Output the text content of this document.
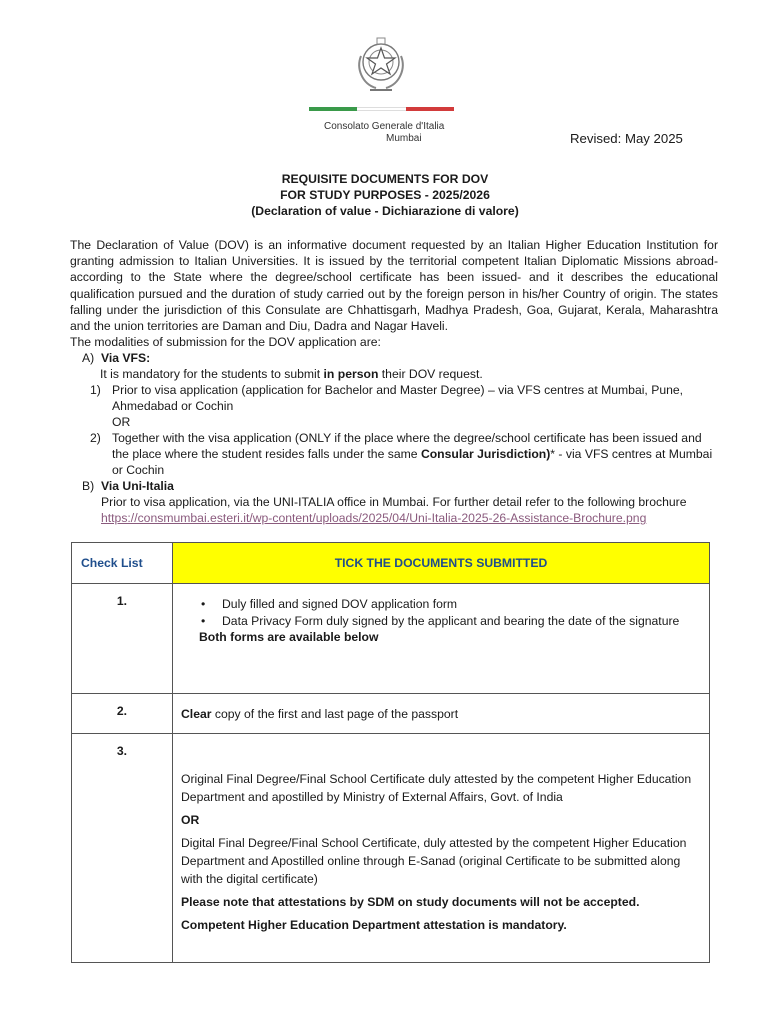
Consolato Generale d'Italia
Mumbai	Revised: May 2025
REQUISITE DOCUMENTS FOR DOV
FOR STUDY PURPOSES - 2025/2026
(Declaration of value - Dichiarazione di valore)
The Declaration of Value (DOV) is an informative document requested by an Italian Higher Education Institution for granting admission to Italian Universities. It is issued by the territorial competent Italian Diplomatic Missions abroad- according to the State where the degree/school certificate has been issued- and it describes the educational qualification pursued and the duration of study carried out by the foreign person in his/her Country of origin. The states falling under the jurisdiction of this Consulate are Chhattisgarh, Madhya Pradesh, Goa, Gujarat, Kerala, Maharashtra and the union territories are Daman and Diu, Dadra and Nagar Haveli.
The modalities of submission for the DOV application are:
A) Via VFS:
It is mandatory for the students to submit in person their DOV request.
1) Prior to visa application (application for Bachelor and Master Degree) – via VFS centres at Mumbai, Pune, Ahmedabad or Cochin
OR
2) Together with the visa application (ONLY if the place where the degree/school certificate has been issued and the place where the student resides falls under the same Consular Jurisdiction)* - via VFS centres at Mumbai or Cochin
B) Via Uni-Italia
Prior to visa application, via the UNI-ITALIA office in Mumbai. For further detail refer to the following brochure
https://consmumbai.esteri.it/wp-content/uploads/2025/04/Uni-Italia-2025-26-Assistance-Brochure.png
Check List	TICK THE DOCUMENTS SUBMITTED
1.	• Duly filled and signed DOV application form
• Data Privacy Form duly signed by the applicant and bearing the date of the signature
Both forms are available below

2.	Clear copy of the first and last page of the passport
3.	Original Final Degree/Final School Certificate duly attested by the competent Higher Education Department and apostilled by Ministry of External Affairs, Govt. of India

OR

Digital Final Degree/Final School Certificate, duly attested by the competent Higher Education Department and Apostilled online through E-Sanad (original Certificate to be submitted along with the digital certificate)

Please note that attestations by SDM on study documents will not be accepted.

Competent Higher Education Department attestation is mandatory.
